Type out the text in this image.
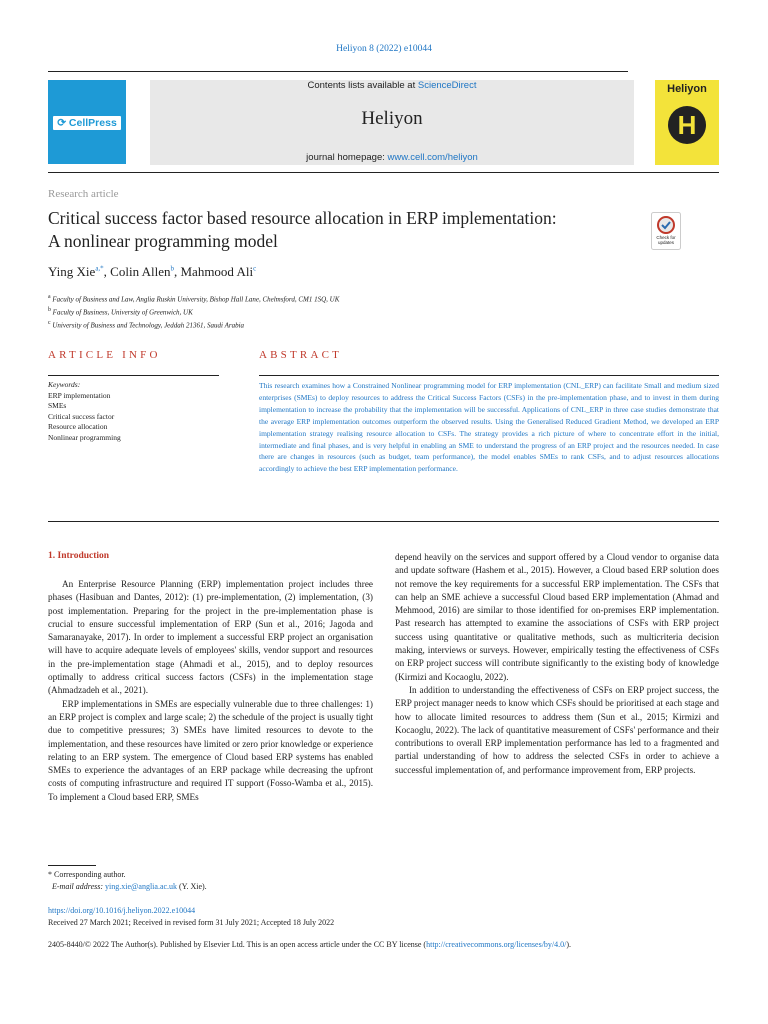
Heliyon 8 (2022) e10044
⟳ CellPress
Contents lists available at ScienceDirect
Heliyon
journal homepage: www.cell.com/heliyon
Heliyon
H
Research article
Critical success factor based resource allocation in ERP implementation:
A nonlinear programming model	Check for
updates
Ying Xie$^{a,*}$, Colin Allen$^b$, Mahmood Ali$^c$
$^a$ Faculty of Business and Law, Anglia Ruskin University, Bishop Hall Lane, Chelmsford, CM1 1SQ, UK
$^b$ Faculty of Business, University of Greenwich, UK
$^c$ University of Business and Technology, Jeddah 21361, Saudi Arabia
ARTICLE INFO	ABSTRACT
Keywords:
ERP implementation
SMEs
Critical success factor
Resource allocation
Nonlinear programming
This research examines how a Constrained Nonlinear programming model for ERP implementation (CNL_ERP) can facilitate Small and medium sized enterprises (SMEs) to deploy resources to address the Critical Success Factors (CSFs) in the pre-implementation phase, and to invest in them during implementation to increase the probability that the implementation will be successful. Applications of CNL_ERP in three case studies demonstrate that the average ERP implementation outcomes outperform the observed results. Using the Generalised Reduced Gradient Method, we developed an ERP implementation strategy realising resource allocation to CSFs. The strategy provides a rich picture of where to concentrate effort in the initial, intermediate and final phases, and is very helpful in enabling an SME to understand the progress of an ERP project and the resources needed. In case there are changes in resources (such as budget, team performance), the model enables SMEs to rank CSFs, and to adjust resources allocations accordingly to achieve the best ERP implementation performance.
1. Introduction

An Enterprise Resource Planning (ERP) implementation project includes three phases (Hasibuan and Dantes, 2012): (1) pre-implementation, (2) implementation, (3) post implementation. Preparing for the project in the pre-implementation phase is crucial to ensure successful implementation of ERP (Sun et al., 2016; Jagoda and Samaranayake, 2017). In order to implement a successful ERP project an organisation will have to acquire adequate levels of employees' skills, vendor support and resources in the pre-implementation stage (Ahmadi et al., 2015), and to deploy resources optimally to address critical success factors (CSFs) in the implementation stage (Ahmadzadeh et al., 2021).

ERP implementations in SMEs are especially vulnerable due to three challenges: 1) an ERP project is complex and large scale; 2) the schedule of the project is usually tight due to competitive pressures; 3) SMEs have limited resources to devote to the implementation, and these resources have limited or zero prior knowledge or experience relating to an ERP system. The emergence of Cloud based ERP systems has enabled SMEs to experience the advantages of an ERP package while decreasing the upfront costs of computing infrastructure and required IT support (Fosso-Wamba et al., 2015). To implement a Cloud based ERP, SMEs

depend heavily on the services and support offered by a Cloud vendor to organise data and update software (Hashem et al., 2015). However, a Cloud based ERP solution does not remove the key requirements for a successful ERP implementation. The CSFs that can help an SME achieve a successful Cloud based ERP implementation (Ahmad and Mehmood, 2016) are similar to those identified for on-premises ERP implementation. Past research has attempted to examine the associations of CSFs with ERP project success using quantitative or qualitative methods, such as multicriteria decision making, interviews or surveys. However, empirically testing the effectiveness of CSFs on ERP project success will contribute significantly to the existing body of knowledge (Kirmizi and Kocaoglu, 2022).

In addition to understanding the effectiveness of CSFs on ERP project success, the ERP project manager needs to know which CSFs should be prioritised at each stage and how to allocate limited resources to address them (Sun et al., 2015; Kirmizi and Kocaoglu, 2022). The lack of quantitative measurement of CSFs' performance and their contributions to overall ERP implementation performance has led to a fragmented and partial understanding of how to address the selected CSFs in order to achieve a successful implementation of, and performance improvement from, ERP projects.

* Corresponding author.
E-mail address: ying.xie@anglia.ac.uk (Y. Xie).
https://doi.org/10.1016/j.heliyon.2022.e10044
Received 27 March 2021; Received in revised form 31 July 2021; Accepted 18 July 2022
2405-8440/© 2022 The Author(s). Published by Elsevier Ltd. This is an open access article under the CC BY license (http://creativecommons.org/licenses/by/4.0/).
